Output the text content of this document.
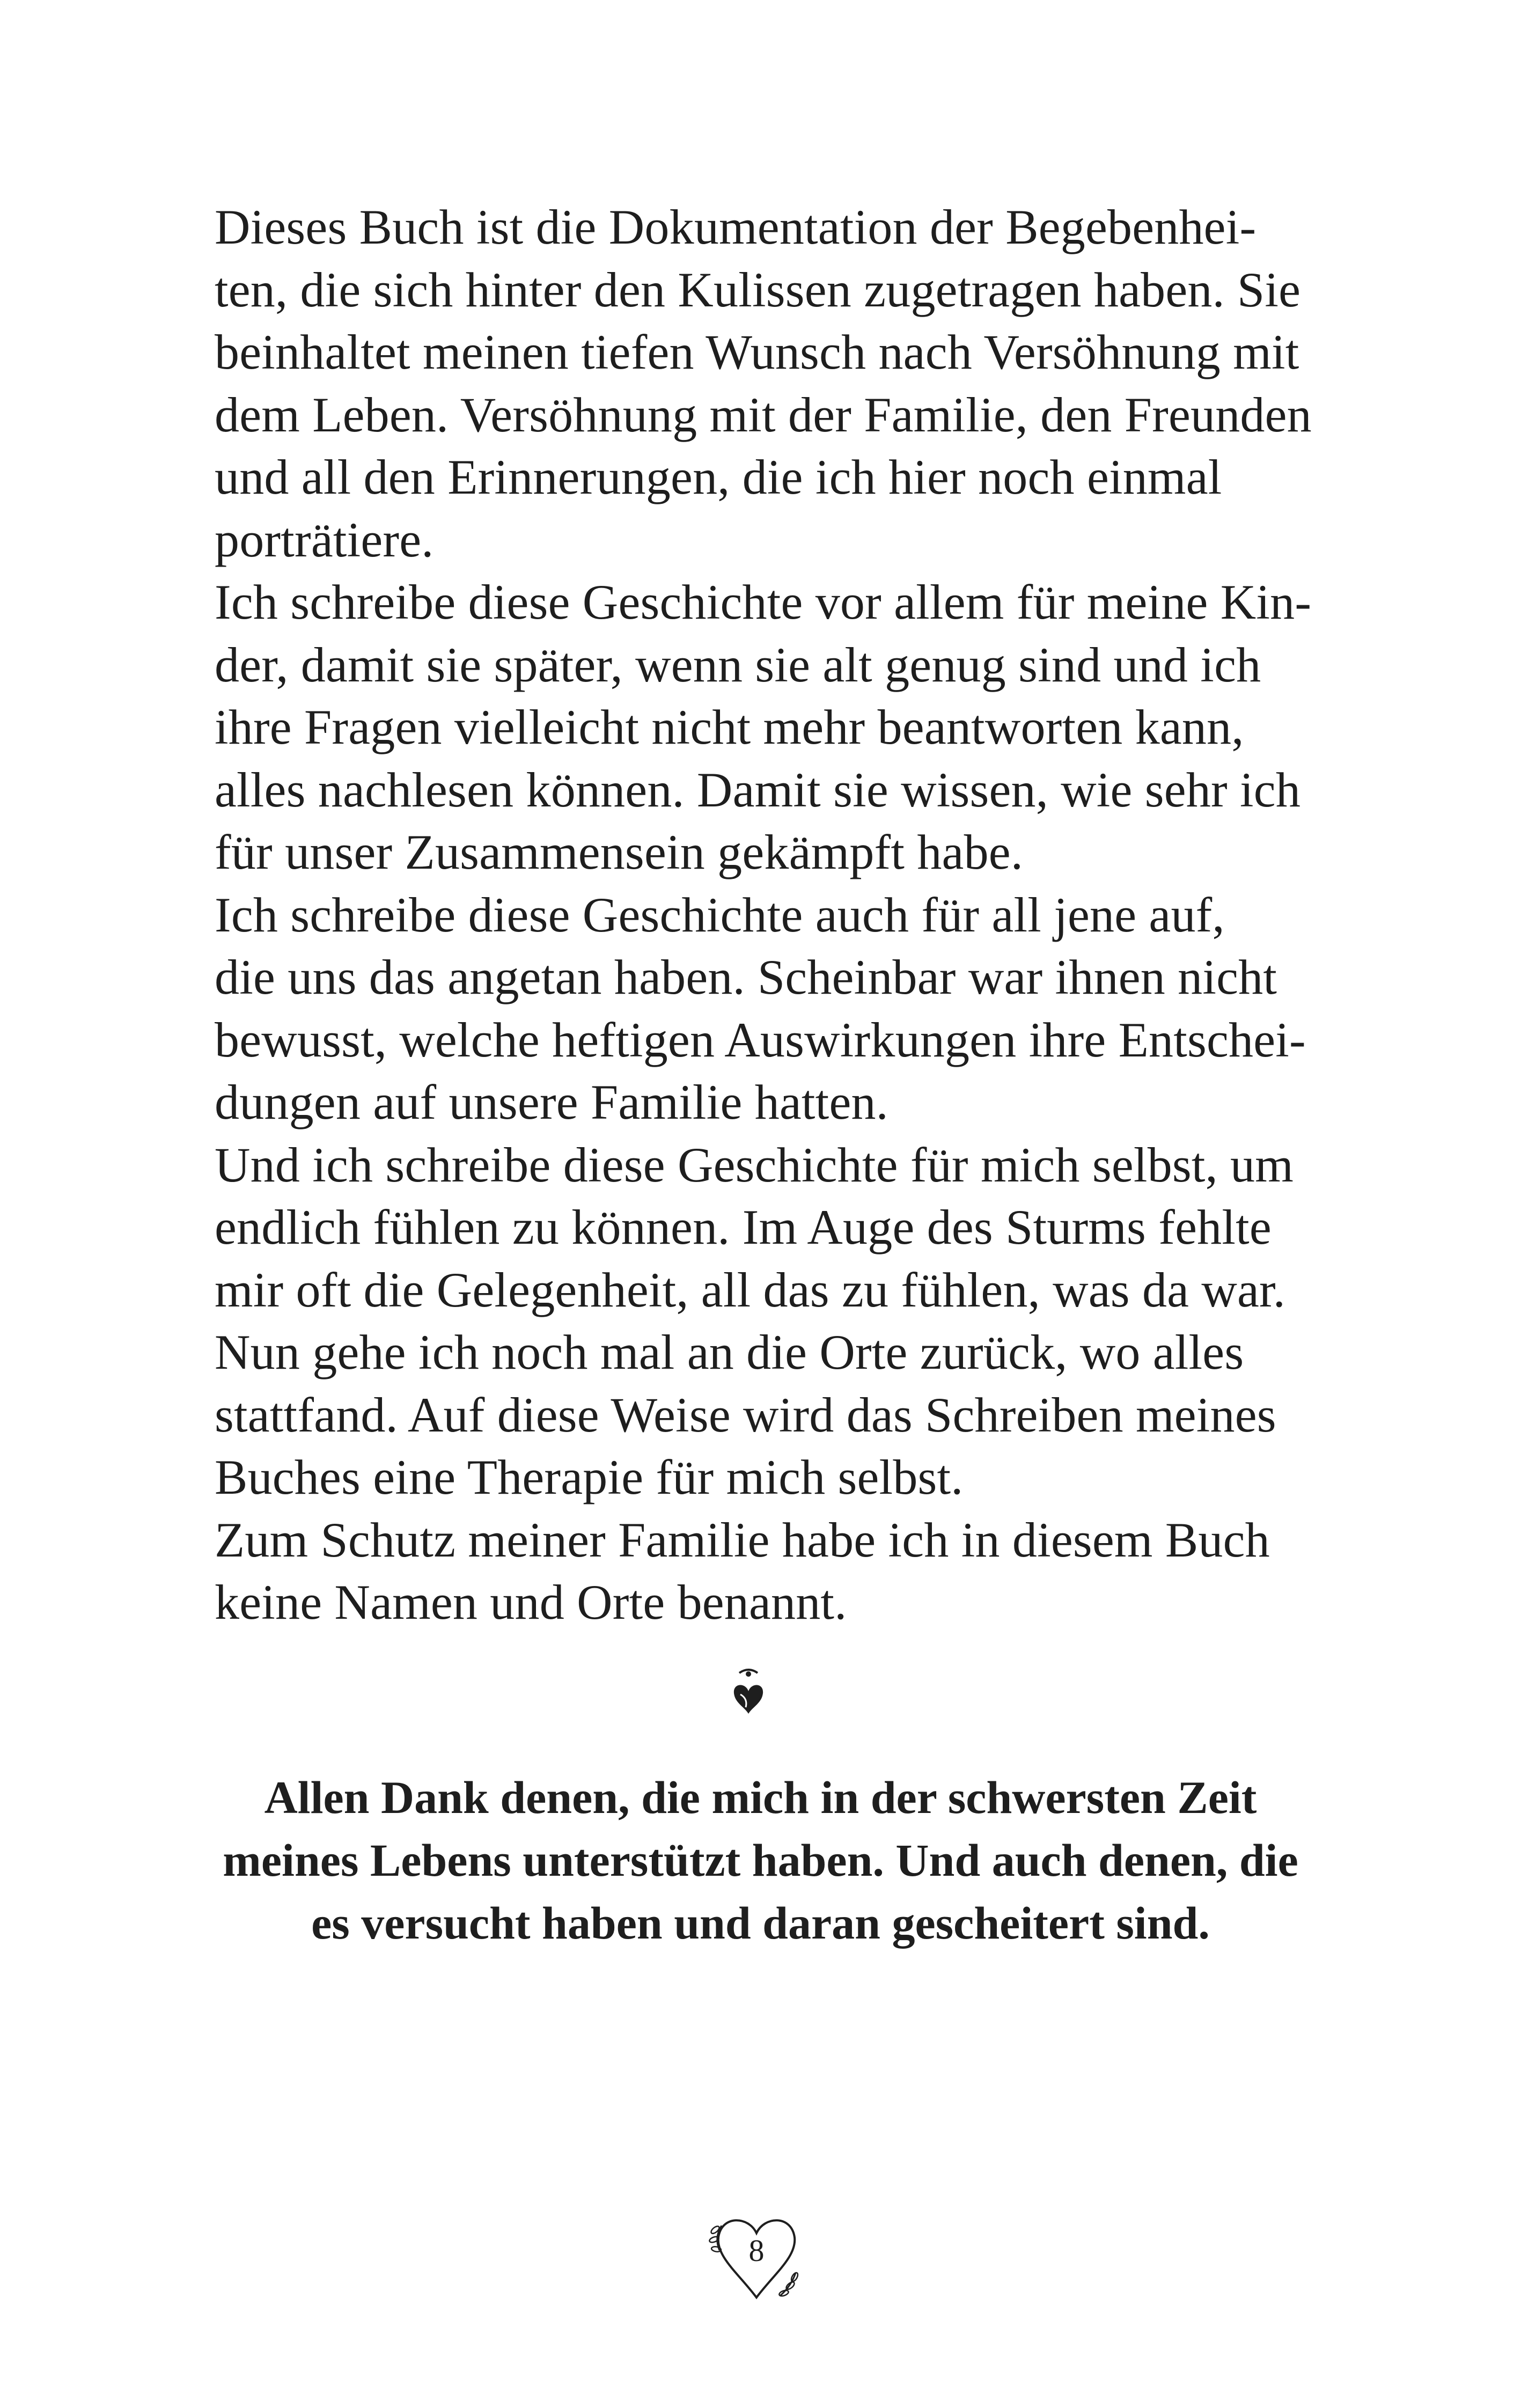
Dieses Buch ist die Dokumentation der Begebenhei-
ten, die sich hinter den Kulissen zugetragen haben. Sie
beinhaltet meinen tiefen Wunsch nach Versöhnung mit
dem Leben. Versöhnung mit der Familie, den Freunden
und all den Erinnerungen, die ich hier noch einmal
porträtiere.
Ich schreibe diese Geschichte vor allem für meine Kin-
der, damit sie später, wenn sie alt genug sind und ich
ihre Fragen vielleicht nicht mehr beantworten kann,
alles nachlesen können. Damit sie wissen, wie sehr ich
für unser Zusammensein gekämpft habe.
Ich schreibe diese Geschichte auch für all jene auf,
die uns das angetan haben. Scheinbar war ihnen nicht
bewusst, welche heftigen Auswirkungen ihre Entschei-
dungen auf unsere Familie hatten.
Und ich schreibe diese Geschichte für mich selbst, um
endlich fühlen zu können. Im Auge des Sturms fehlte
mir oft die Gelegenheit, all das zu fühlen, was da war.
Nun gehe ich noch mal an die Orte zurück, wo alles
stattfand. Auf diese Weise wird das Schreiben meines
Buches eine Therapie für mich selbst.
Zum Schutz meiner Familie habe ich in diesem Buch
keine Namen und Orte benannt.
Allen Dank denen, die mich in der schwersten Zeit
meines Lebens unterstützt haben. Und auch denen, die
es versucht haben und daran gescheitert sind.
8
